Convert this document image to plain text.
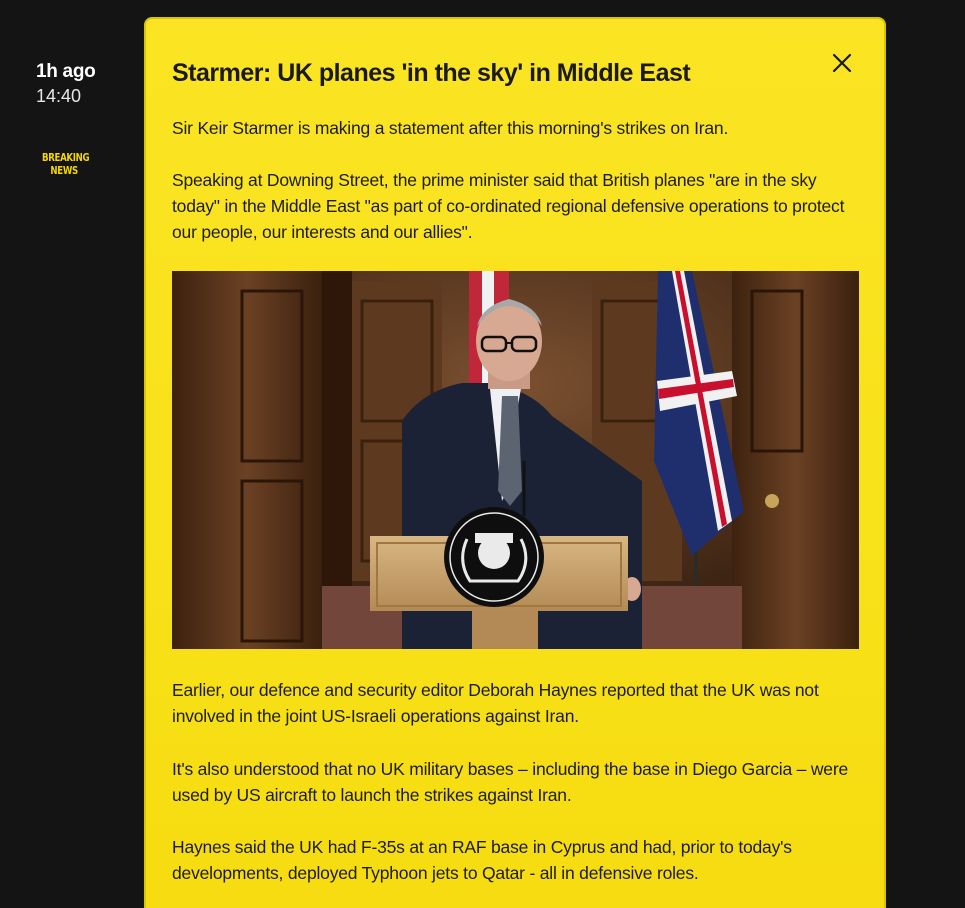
1h ago
14:40
BREAKING
NEWS
Starmer: UK planes 'in the sky' in Middle East

Sir Keir Starmer is making a statement after this morning's strikes on Iran.

Speaking at Downing Street, the prime minister said that British planes "are in the sky today" in the Middle East "as part of co-ordinated regional defensive operations to protect our people, our interests and our allies".

Earlier, our defence and security editor Deborah Haynes reported that the UK was not involved in the joint US-Israeli operations against Iran.

It's also understood that no UK military bases – including the base in Diego Garcia – were used by US aircraft to launch the strikes against Iran.

Haynes said the UK had F-35s at an RAF base in Cyprus and had, prior to today's developments, deployed Typhoon jets to Qatar - all in defensive roles.
